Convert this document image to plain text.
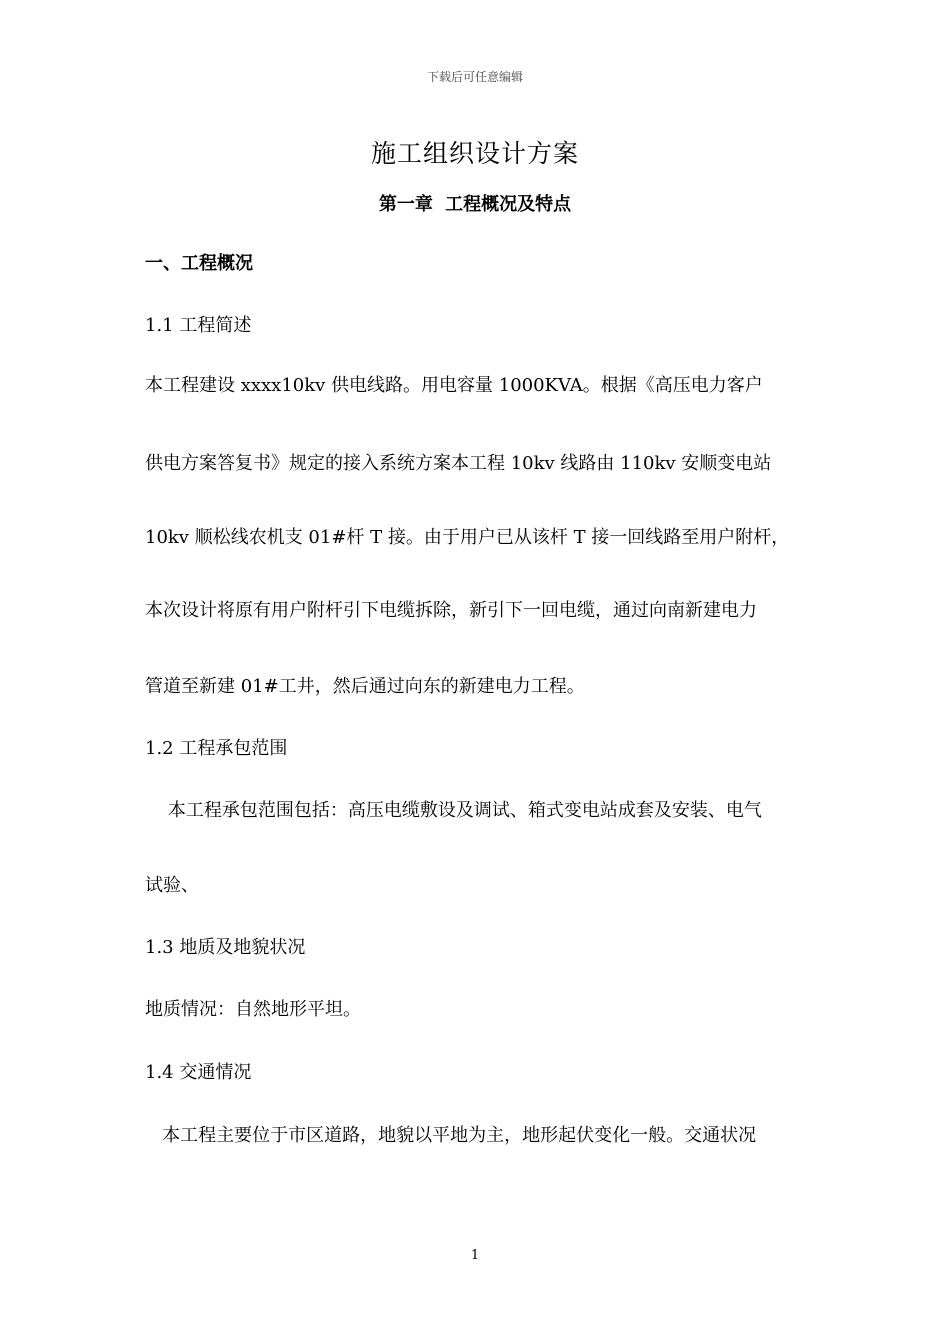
下载后可任意编辑
施工组织设计方案
第一章 工程概况及特点
一、工程概况
1.1 工程简述
本工程建设 xxxx10kv 供电线路。用电容量 1000KVA。根据《高压电力客户
供电方案答复书》规定的接入系统方案本工程 10kv 线路由 110kv 安顺变电站
10kv 顺松线农机支 01#杆 T 接。由于用户已从该杆 T 接一回线路至用户附杆，
本次设计将原有用户附杆引下电缆拆除，新引下一回电缆，通过向南新建电力
管道至新建 01#工井，然后通过向东的新建电力工程。
1.2 工程承包范围
本工程承包范围包括：高压电缆敷设及调试、箱式变电站成套及安装、电气
试验、
1.3 地质及地貌状况
地质情况：自然地形平坦。
1.4 交通情况
本工程主要位于市区道路，地貌以平地为主，地形起伏变化一般。交通状况
1
